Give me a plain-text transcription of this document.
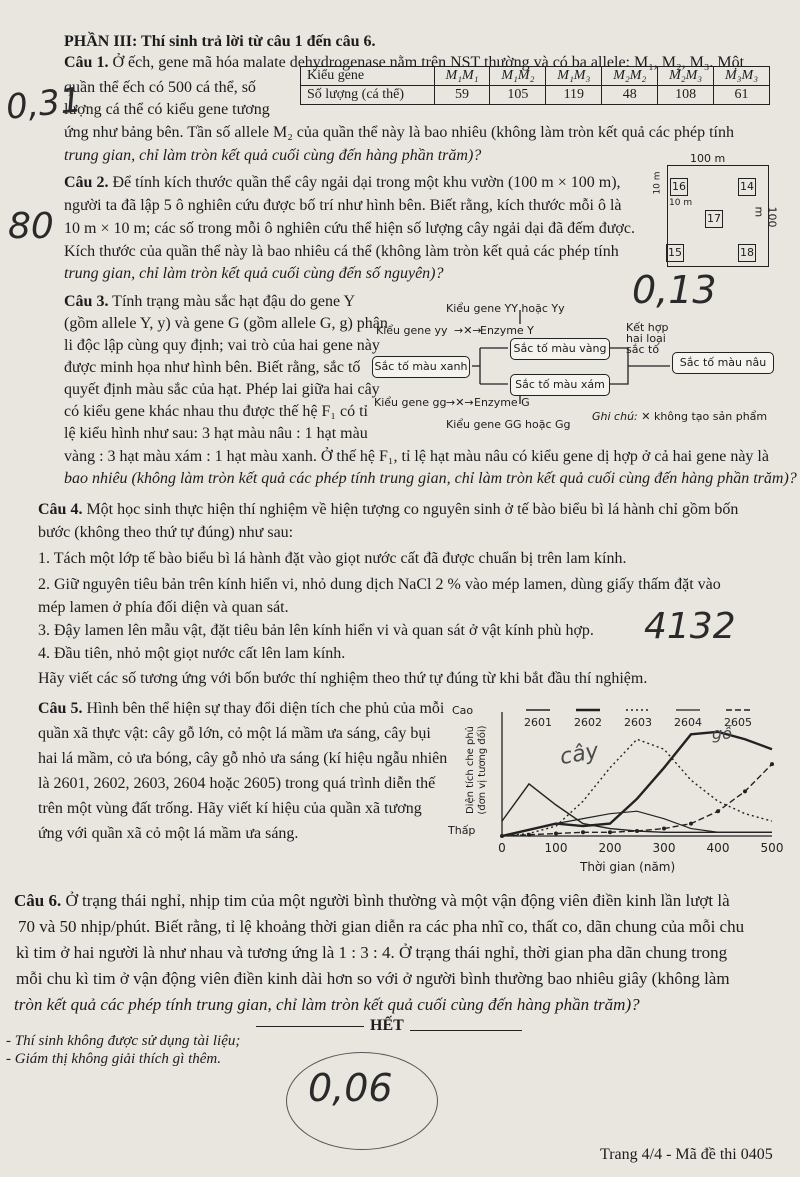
PHẦN III: Thí sinh trả lời từ câu 1 đến câu 6.
Câu 1. Ở ếch, gene mã hóa malate dehydrogenase nằm trên NST thường và có ba allele: M₁, M₂, M₃. Một
quần thể ếch có 500 cá thể, số
lượng cá thể có kiểu gene tương
Kiểu gene	M₁M₁	M₁M₂	M₁M₃	M₂M₂	M₂M₃	M₃M₃
Số lượng (cá thể)	59	105	119	48	108	61
ứng như bảng bên. Tần số allele M₂ của quần thể này là bao nhiêu (không làm tròn kết quả các phép tính
trung gian, chỉ làm tròn kết quả cuối cùng đến hàng phần trăm)?
0,31
Câu 2. Để tính kích thước quần thể cây ngải dại trong một khu vườn (100 m × 100 m),
người ta đã lập 5 ô nghiên cứu được bố trí như hình bên. Biết rằng, kích thước mỗi ô là
10 m × 10 m; các số trong mỗi ô nghiên cứu thể hiện số lượng cây ngải dại đã đếm được.
Kích thước của quần thể này là bao nhiêu cá thể (không làm tròn kết quả các phép tính
trung gian, chỉ làm tròn kết quả cuối cùng đến số nguyên)?
80
100 m
100 m
10 m
10 m
16	14
17
15	18
0,13
Câu 3. Tính trạng màu sắc hạt đậu do gene Y
(gồm allele Y, y) và gene G (gồm allele G, g) phân
li độc lập cùng quy định; vai trò của hai gene này
được minh họa như hình bên. Biết rằng, sắc tố
quyết định màu sắc của hạt. Phép lai giữa hai cây
có kiểu gene khác nhau thu được thế hệ F₁ có tỉ
lệ kiểu hình như sau: 3 hạt màu nâu : 1 hạt màu
vàng : 3 hạt màu xám : 1 hạt màu xanh. Ở thế hệ F₁, tỉ lệ hạt màu nâu có kiểu gene dị hợp ở cả hai gene này là
bao nhiêu (không làm tròn kết quả các phép tính trung gian, chỉ làm tròn kết quả cuối cùng đến hàng phần trăm)?
Kiểu gene YY hoặc Yy
Kiểu gene yy →✕→
Enzyme Y
Sắc tố màu xanh
Sắc tố màu vàng
Sắc tố màu xám
Kết hợp
hai loại
sắc tố
Sắc tố màu nâu
Kiểu gene gg →✕→ Enzyme G
Kiểu gene GG hoặc Gg
Ghi chú: ✕ không tạo sản phẩm
Câu 4. Một học sinh thực hiện thí nghiệm về hiện tượng co nguyên sinh ở tế bào biểu bì lá hành chỉ gồm bốn
bước (không theo thứ tự đúng) như sau:
1. Tách một lớp tế bào biểu bì lá hành đặt vào giọt nước cất đã được chuẩn bị trên lam kính.
2. Giữ nguyên tiêu bản trên kính hiển vi, nhỏ dung dịch NaCl 2 % vào mép lamen, dùng giấy thấm đặt vào
mép lamen ở phía đối diện và quan sát.
3. Đậy lamen lên mẫu vật, đặt tiêu bản lên kính hiển vi và quan sát ở vật kính phù hợp.
4. Đầu tiên, nhỏ một giọt nước cất lên lam kính.
Hãy viết các số tương ứng với bốn bước thí nghiệm theo thứ tự đúng từ khi bắt đầu thí nghiệm.
4132
Câu 5. Hình bên thể hiện sự thay đổi diện tích che phủ của mỗi
quần xã thực vật: cây gỗ lớn, cỏ một lá mầm ưa sáng, cây bụi
hai lá mầm, cỏ ưa bóng, cây gỗ nhỏ ưa sáng (kí hiệu ngẫu nhiên
là 2601, 2602, 2603, 2604 hoặc 2605) trong quá trình diễn thế
trên một vùng đất trống. Hãy viết kí hiệu của quần xã tương
ứng với quần xã cỏ một lá mầm ưa sáng.
Cao
Thấp
Diện tích che phủ
(đơn vị tương đối)
0	100	200	300	400	500
2601 2602 2603 2604 2605
Thời gian (năm)
cây
gỗ
Câu 6. Ở trạng thái nghỉ, nhịp tim của một người bình thường và một vận động viên điền kinh lần lượt là
70 và 50 nhịp/phút. Biết rằng, tỉ lệ khoảng thời gian diễn ra các pha nhĩ co, thất co, dãn chung của mỗi chu
kì tim ở hai người là như nhau và tương ứng là 1 : 3 : 4. Ở trạng thái nghỉ, thời gian pha dãn chung trong
mỗi chu kì tim ở vận động viên điền kinh dài hơn so với ở người bình thường bao nhiêu giây (không làm
tròn kết quả các phép tính trung gian, chỉ làm tròn kết quả cuối cùng đến hàng phần trăm)?
HẾT
- Thí sinh không được sử dụng tài liệu;
- Giám thị không giải thích gì thêm.
0,06
Trang 4/4 - Mã đề thi 0405
